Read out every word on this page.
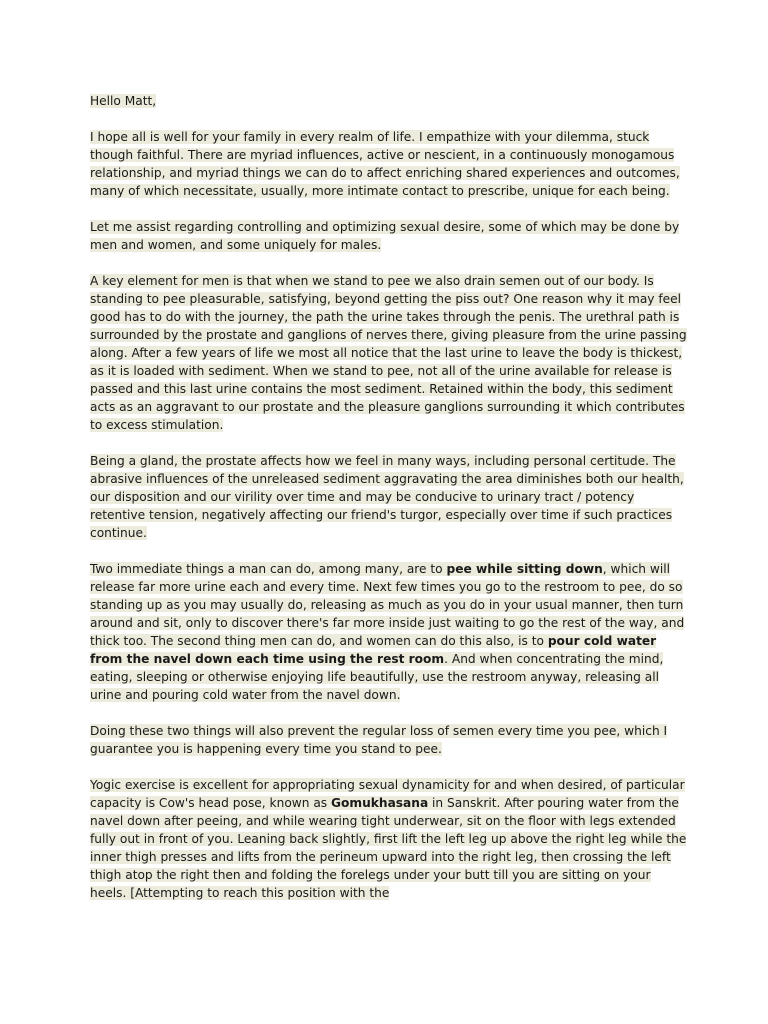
Hello Matt,

I hope all is well for your family in every realm of life. I empathize with your dilemma, stuck though faithful. There are myriad influences, active or nescient, in a continuously monogamous relationship, and myriad things we can do to affect enriching shared experiences and outcomes, many of which necessitate, usually, more intimate contact to prescribe, unique for each being.

Let me assist regarding controlling and optimizing sexual desire, some of which may be done by men and women, and some uniquely for males.

A key element for men is that when we stand to pee we also drain semen out of our body. Is standing to pee pleasurable, satisfying, beyond getting the piss out? One reason why it may feel good has to do with the journey, the path the urine takes through the penis. The urethral path is surrounded by the prostate and ganglions of nerves there, giving pleasure from the urine passing along. After a few years of life we most all notice that the last urine to leave the body is thickest, as it is loaded with sediment. When we stand to pee, not all of the urine available for release is passed and this last urine contains the most sediment. Retained within the body, this sediment acts as an aggravant to our prostate and the pleasure ganglions surrounding it which contributes to excess stimulation.

Being a gland, the prostate affects how we feel in many ways, including personal certitude. The abrasive influences of the unreleased sediment aggravating the area diminishes both our health, our disposition and our virility over time and may be conducive to urinary tract / potency retentive tension, negatively affecting our friend's turgor, especially over time if such practices continue.

Two immediate things a man can do, among many, are to pee while sitting down, which will release far more urine each and every time. Next few times you go to the restroom to pee, do so standing up as you may usually do, releasing as much as you do in your usual manner, then turn around and sit, only to discover there's far more inside just waiting to go the rest of the way, and thick too. The second thing men can do, and women can do this also, is to pour cold water from the navel down each time using the rest room. And when concentrating the mind, eating, sleeping or otherwise enjoying life beautifully, use the restroom anyway, releasing all urine and pouring cold water from the navel down.

Doing these two things will also prevent the regular loss of semen every time you pee, which I guarantee you is happening every time you stand to pee.

Yogic exercise is excellent for appropriating sexual dynamicity for and when desired, of particular capacity is Cow's head pose, known as Gomukhasana in Sanskrit. After pouring water from the navel down after peeing, and while wearing tight underwear, sit on the floor with legs extended fully out in front of you. Leaning back slightly, first lift the left leg up above the right leg while the inner thigh presses and lifts from the perineum upward into the right leg, then crossing the left thigh atop the right then and folding the forelegs under your butt till you are sitting on your heels. [Attempting to reach this position with the
